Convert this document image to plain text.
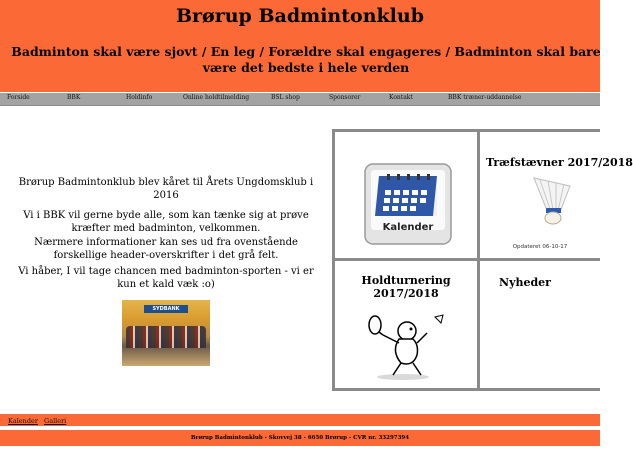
Brørup Badmintonklub
Badminton skal være sjovt / En leg / Forældre skal engageres / Badminton skal bare være det bedste i hele verden
Forside	BBK	Holdinfo	Online holdtilmelding	BSL shop	Sponsorer	Kontakt	BBK træner-uddannelse
Brørup Badmintonklub blev kåret til Årets Ungdomsklub i 2016
Vi i BBK vil gerne byde alle, som kan tænke sig at prøve kræfter med badminton, velkommen.
Nærmere informationer kan ses ud fra ovenstående forskellige header-overskrifter i det grå felt.
Vi håber, I vil tage chancen med badminton-sporten - vi er kun et kald væk :o)
SYDBANK
Kalender
Træfstævner 2017/2018
Opdateret 06-10-17
Holdturnering 2017/2018
Nyheder
Kalender Galleri
Brørup Badmintonklub - Skovvej 38 - 6650 Brørup - CVR nr. 33297394
